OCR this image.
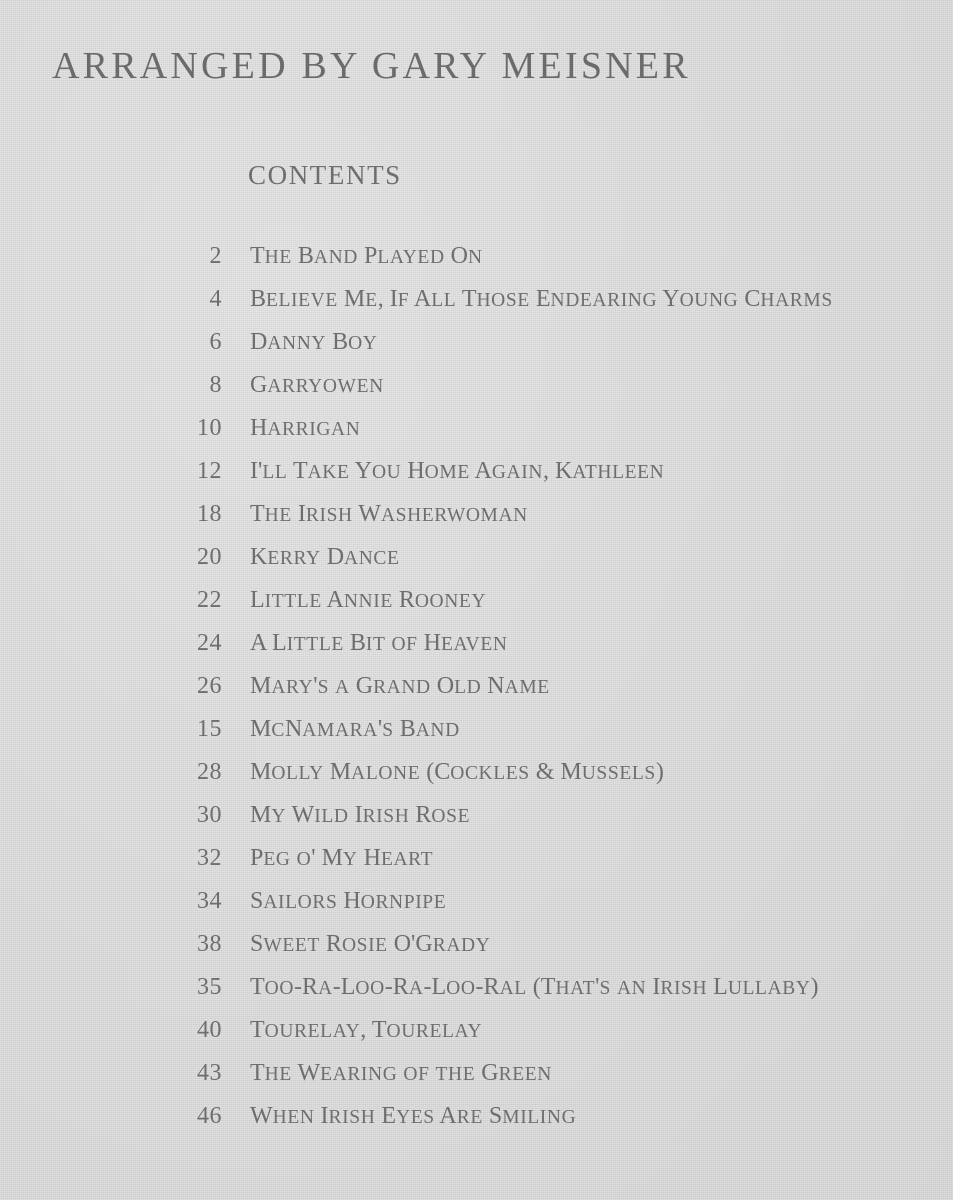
ARRANGED BY GARY MEISNER
CONTENTS
2 THE BAND PLAYED ON
4 BELIEVE ME, IF ALL THOSE ENDEARING YOUNG CHARMS
6 DANNY BOY
8 GARRYOWEN
10 HARRIGAN
12 I'LL TAKE YOU HOME AGAIN, KATHLEEN
18 THE IRISH WASHERWOMAN
20 KERRY DANCE
22 LITTLE ANNIE ROONEY
24 A LITTLE BIT OF HEAVEN
26 MARY'S A GRAND OLD NAME
15 MCNAMARA'S BAND
28 MOLLY MALONE (COCKLES & MUSSELS)
30 MY WILD IRISH ROSE
32 PEG O' MY HEART
34 SAILORS HORNPIPE
38 SWEET ROSIE O'GRADY
35 TOO-RA-LOO-RA-LOO-RAL (THAT'S AN IRISH LULLABY)
40 TOURELAY, TOURELAY
43 THE WEARING OF THE GREEN
46 WHEN IRISH EYES ARE SMILING
